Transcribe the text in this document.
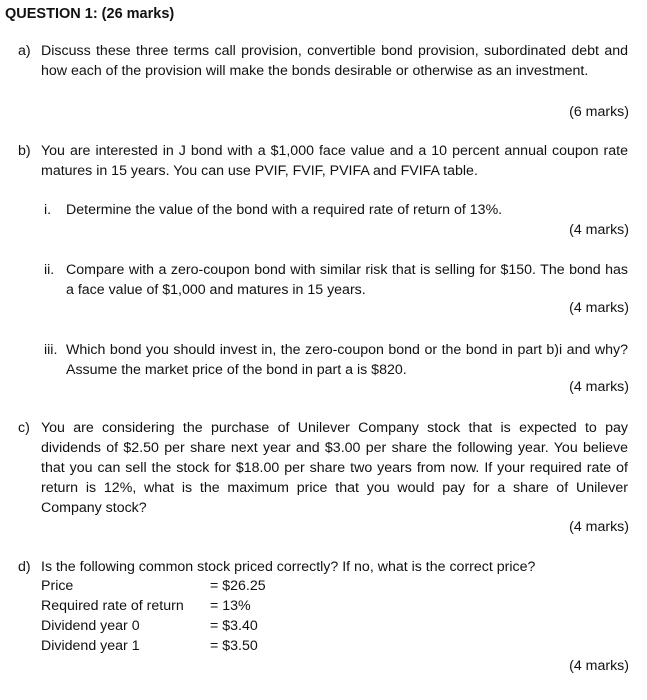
QUESTION 1: (26 marks)
a) Discuss these three terms call provision, convertible bond provision, subordinated debt and how each of the provision will make the bonds desirable or otherwise as an investment.
(6 marks)
b) You are interested in J bond with a $1,000 face value and a 10 percent annual coupon rate matures in 15 years. You can use PVIF, FVIF, PVIFA and FVIFA table.
i. Determine the value of the bond with a required rate of return of 13%.
(4 marks)
ii. Compare with a zero-coupon bond with similar risk that is selling for $150. The bond has a face value of $1,000 and matures in 15 years.
(4 marks)
iii. Which bond you should invest in, the zero-coupon bond or the bond in part b)i and why? Assume the market price of the bond in part a is $820.
(4 marks)
c) You are considering the purchase of Unilever Company stock that is expected to pay dividends of $2.50 per share next year and $3.00 per share the following year. You believe that you can sell the stock for $18.00 per share two years from now. If your required rate of return is 12%, what is the maximum price that you would pay for a share of Unilever Company stock?
(4 marks)
d) Is the following common stock priced correctly? If no, what is the correct price?
Price	= $26.25
Required rate of return = 13%
Dividend year 0	= $3.40
Dividend year 1	= $3.50
(4 marks)
